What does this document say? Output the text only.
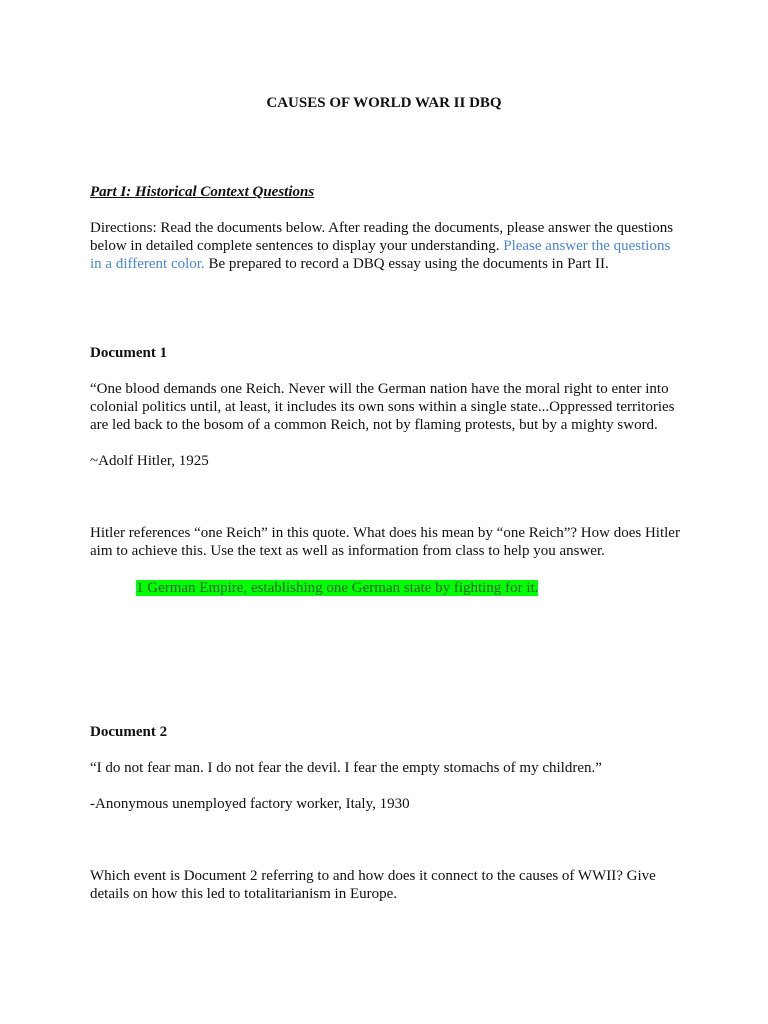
CAUSES OF WORLD WAR II DBQ

Part I: Historical Context Questions

Directions: Read the documents below. After reading the documents, please answer the questions below in detailed complete sentences to display your understanding. Please answer the questions in a different color. Be prepared to record a DBQ essay using the documents in Part II.

Document 1

“One blood demands one Reich. Never will the German nation have the moral right to enter into colonial politics until, at least, it includes its own sons within a single state...Oppressed territories are led back to the bosom of a common Reich, not by flaming protests, but by a mighty sword.

~Adolf Hitler, 1925

Hitler references “one Reich” in this quote. What does his mean by “one Reich”? How does Hitler aim to achieve this. Use the text as well as information from class to help you answer.

1 German Empire, establishing one German state by fighting for it.

Document 2

“I do not fear man. I do not fear the devil. I fear the empty stomachs of my children.”

-Anonymous unemployed factory worker, Italy, 1930

Which event is Document 2 referring to and how does it connect to the causes of WWII? Give details on how this led to totalitarianism in Europe.
